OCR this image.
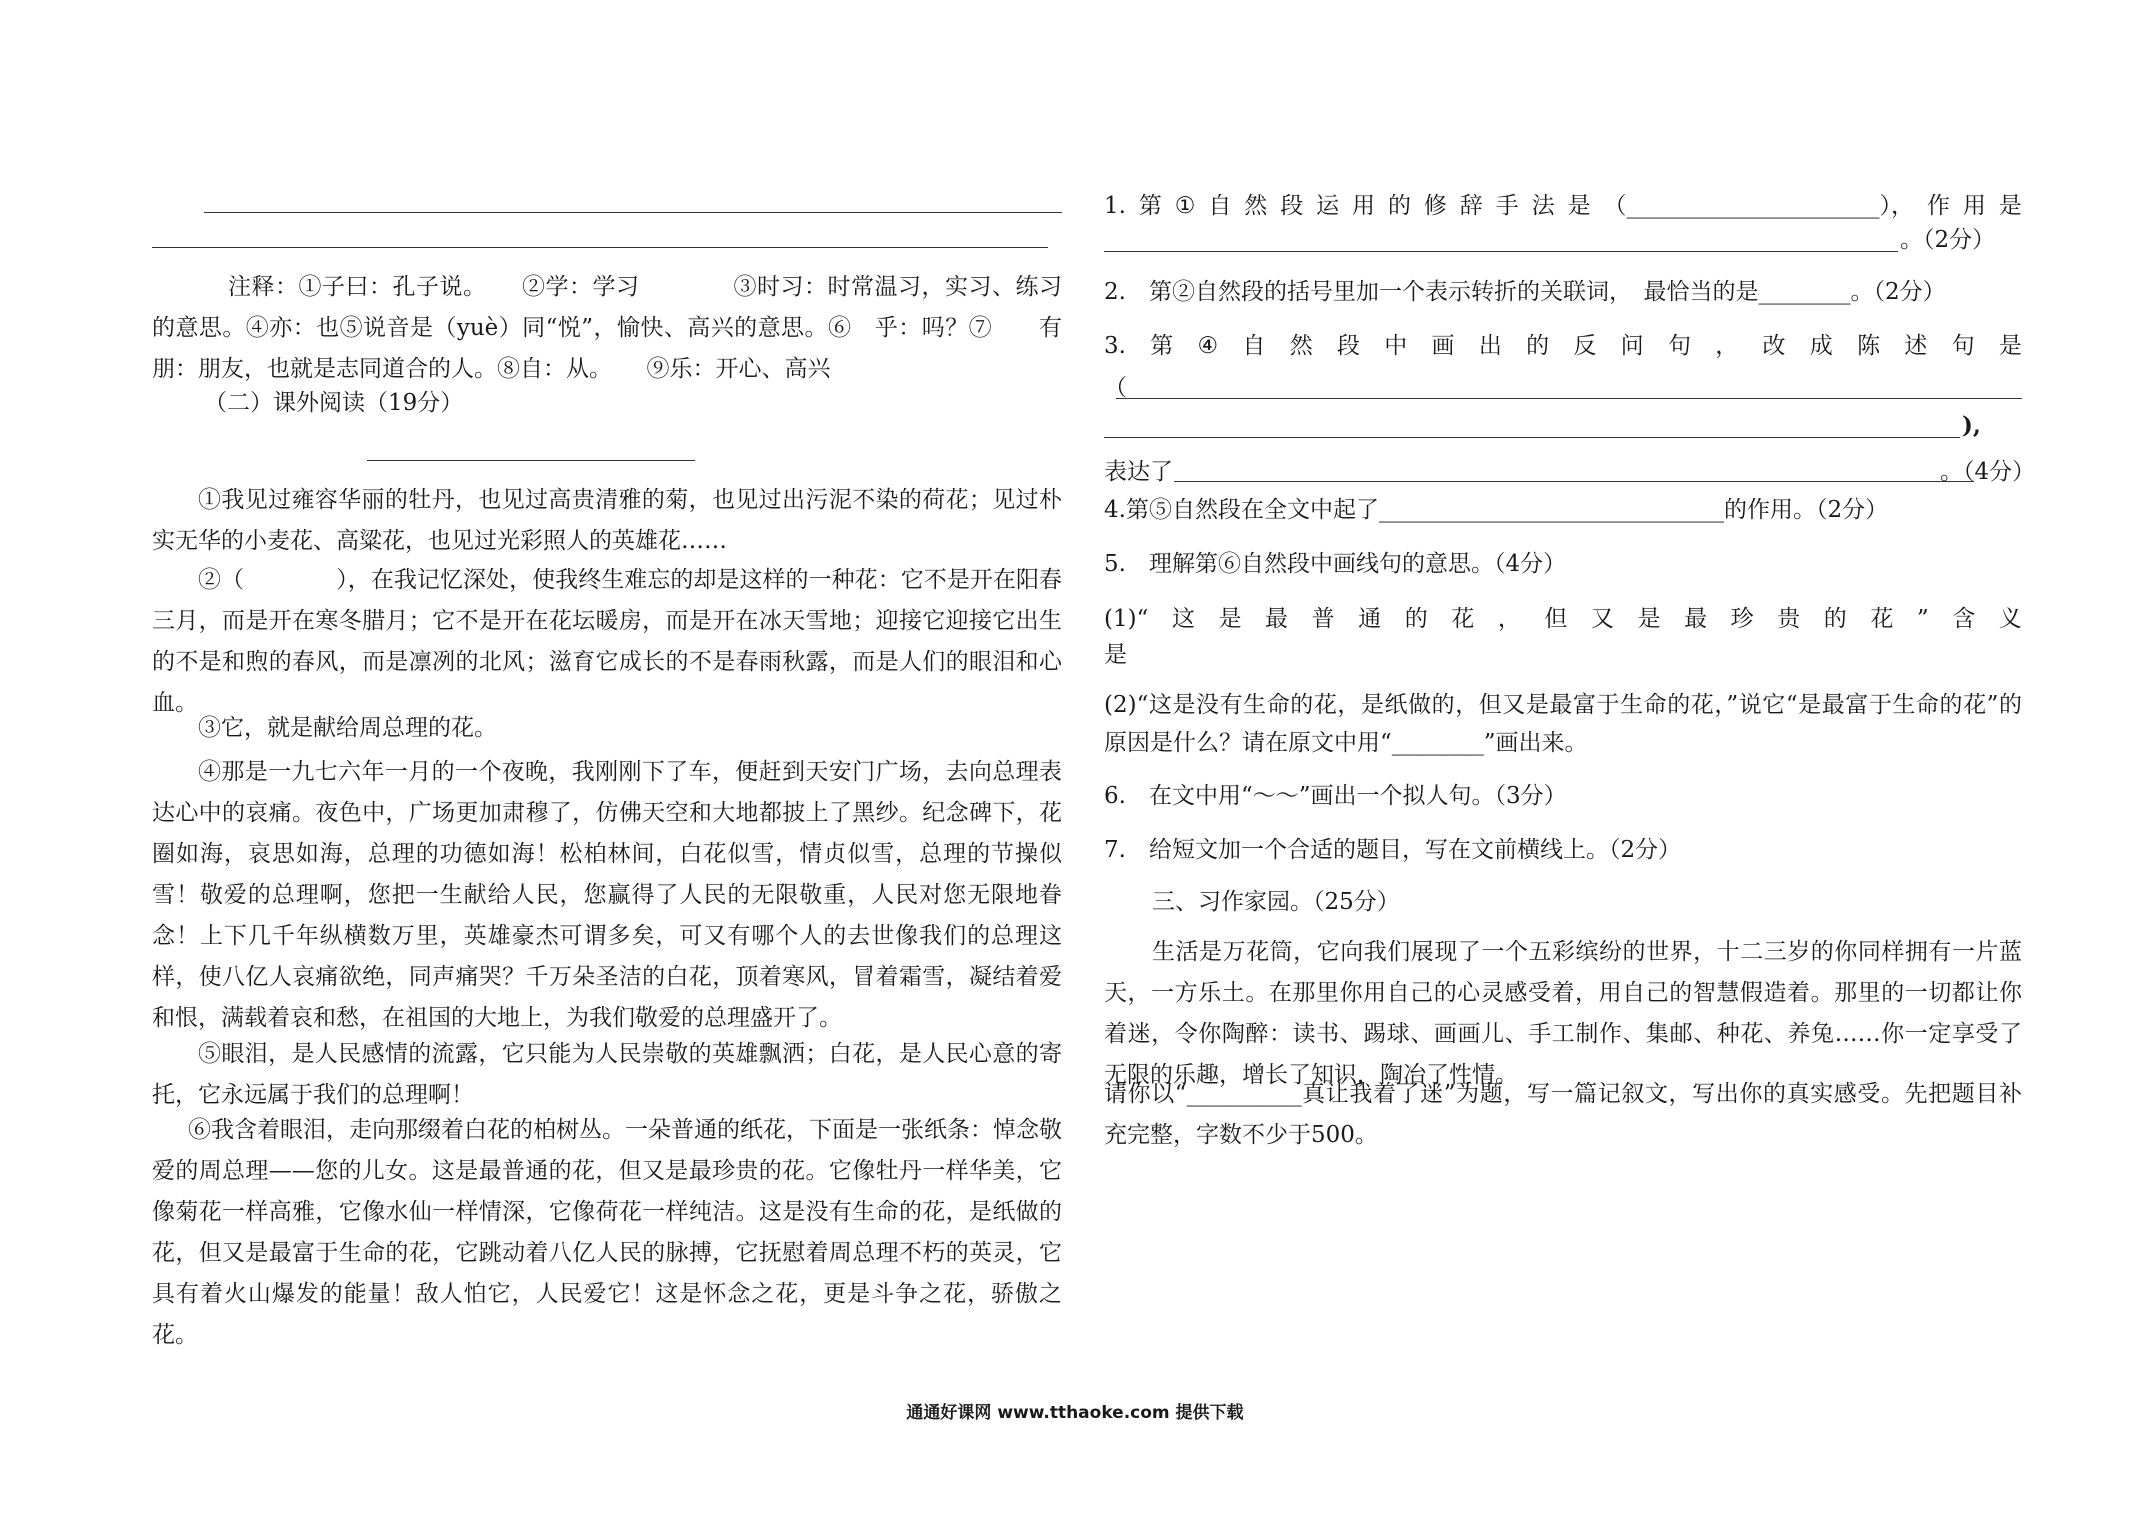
注释：①子曰：孔子说。　　②学：学习　　　　③时习：时常温习，实习、练习的意思。④亦：也⑤说音是（yuè）同“悦”，愉快、高兴的意思。⑥　乎：吗？⑦　　有朋：朋友，也就是志同道合的人。⑧自：从。　　⑨乐：开心、高兴

（二）课外阅读（19分）

①我见过雍容华丽的牡丹，也见过高贵清雅的菊，也见过出污泥不染的荷花；见过朴实无华的小麦花、高粱花，也见过光彩照人的英雄花……

②（　　　　），在我记忆深处，使我终生难忘的却是这样的一种花：它不是开在阳春三月，而是开在寒冬腊月；它不是开在花坛暖房，而是开在冰天雪地；迎接它迎接它出生的不是和煦的春风，而是凛冽的北风；滋育它成长的不是春雨秋露，而是人们的眼泪和心血。

③它，就是献给周总理的花。

④那是一九七六年一月的一个夜晚，我刚刚下了车，便赶到天安门广场，去向总理表达心中的哀痛。夜色中，广场更加肃穆了，仿佛天空和大地都披上了黑纱。纪念碑下，花圈如海，哀思如海，总理的功德如海！松柏林间，白花似雪，情贞似雪，总理的节操似雪！敬爱的总理啊，您把一生献给人民，您赢得了人民的无限敬重，人民对您无限地眷念！上下几千年纵横数万里，英雄豪杰可谓多矣，可又有哪个人的去世像我们的总理这样，使八亿人哀痛欲绝，同声痛哭？千万朵圣洁的白花，顶着寒风，冒着霜雪，凝结着爱和恨，满载着哀和愁，在祖国的大地上，为我们敬爱的总理盛开了。

⑤眼泪，是人民感情的流露，它只能为人民崇敬的英雄飘洒；白花，是人民心意的寄托，它永远属于我们的总理啊！

⑥我含着眼泪，走向那缀着白花的柏树丛。一朵普通的纸花，下面是一张纸条：悼念敬爱的周总理——您的儿女。这是最普通的花，但又是最珍贵的花。它像牡丹一样华美，它像菊花一样高雅，它像水仙一样情深，它像荷花一样纯洁。这是没有生命的花，是纸做的花，但又是最富于生命的花，它跳动着八亿人民的脉搏，它抚慰着周总理不朽的英灵，它具有着火山爆发的能量！敌人怕它，人民爱它！这是怀念之花，更是斗争之花，骄傲之花。

1. 第 ① 自 然 段 运 用 的 修 辞 手 法 是 （______________________）， 作 用 是
。（2分）
2.　第②自然段的括号里加一个表示转折的关联词，　最恰当的是________。（2分）
3. 第 ④ 自 然 段 中 画 出 的 反 问 句 ， 改 成 陈 述 句 是
（
),
表达了	。（4分）
4.第⑤自然段在全文中起了______________________________的作用。（2分）
5.　理解第⑥自然段中画线句的意思。（4分）
(1)“ 这 是 最 普 通 的 花 ， 但 又 是 最 珍 贵 的 花 ” 含 义
是

(2)“这是没有生命的花，是纸做的，但又是最富于生命的花，”说它“是最富于生命的花”的原因是什么？请在原文中用“________”画出来。

6.　在文中用“～～”画出一个拟人句。（3分）
7.　给短文加一个合适的题目，写在文前横线上。（2分）
三、习作家园。（25分）

生活是万花筒，它向我们展现了一个五彩缤纷的世界，十二三岁的你同样拥有一片蓝天，一方乐土。在那里你用自己的心灵感受着，用自己的智慧假造着。那里的一切都让你着迷，令你陶醉：读书、踢球、画画儿、手工制作、集邮、种花、养兔……你一定享受了无限的乐趣，增长了知识，陶冶了性情。

请你以“__________真让我着了迷”为题，写一篇记叙文，写出你的真实感受。先把题目补充完整，字数不少于500。

通通好课网 www.tthaoke.com 提供下载
